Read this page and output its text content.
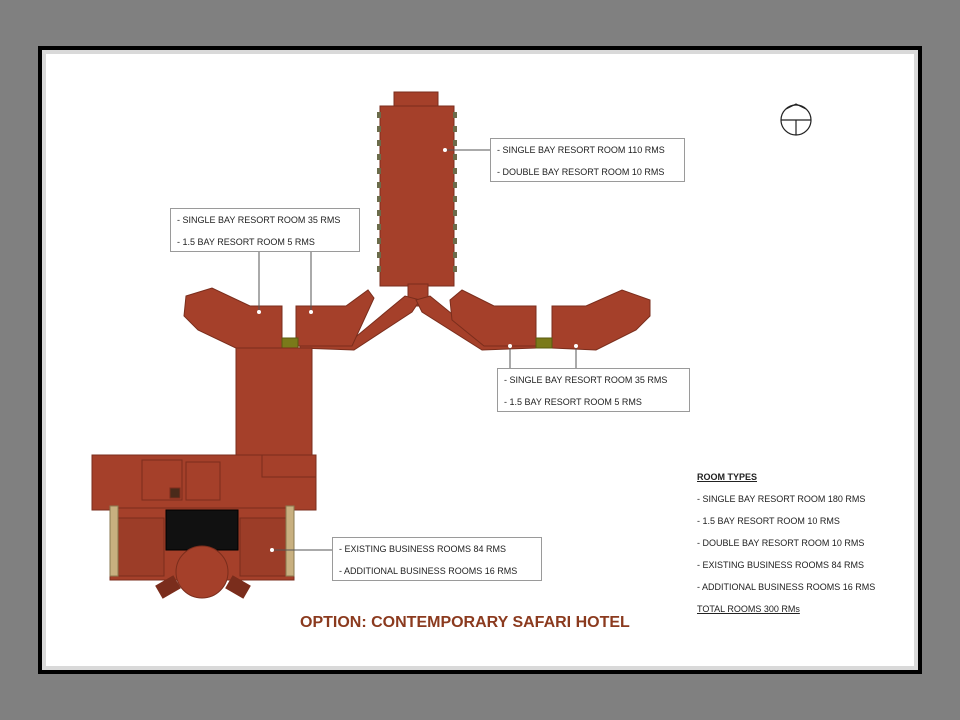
- SINGLE BAY RESORT ROOM 110 RMS
- DOUBLE BAY RESORT ROOM 10 RMS
- SINGLE BAY RESORT ROOM 35 RMS
- 1.5 BAY RESORT ROOM 5 RMS
- SINGLE BAY RESORT ROOM 35 RMS
- 1.5 BAY RESORT ROOM 5 RMS
- EXISTING BUSINESS ROOMS 84 RMS
- ADDITIONAL BUSINESS ROOMS 16 RMS
ROOM TYPES
- SINGLE BAY RESORT ROOM 180 RMS
- 1.5 BAY RESORT ROOM 10 RMS
- DOUBLE BAY RESORT ROOM 10 RMS
- EXISTING BUSINESS ROOMS 84 RMS
- ADDITIONAL BUSINESS ROOMS 16 RMS
TOTAL ROOMS 300 RMs
OPTION: CONTEMPORARY SAFARI HOTEL
